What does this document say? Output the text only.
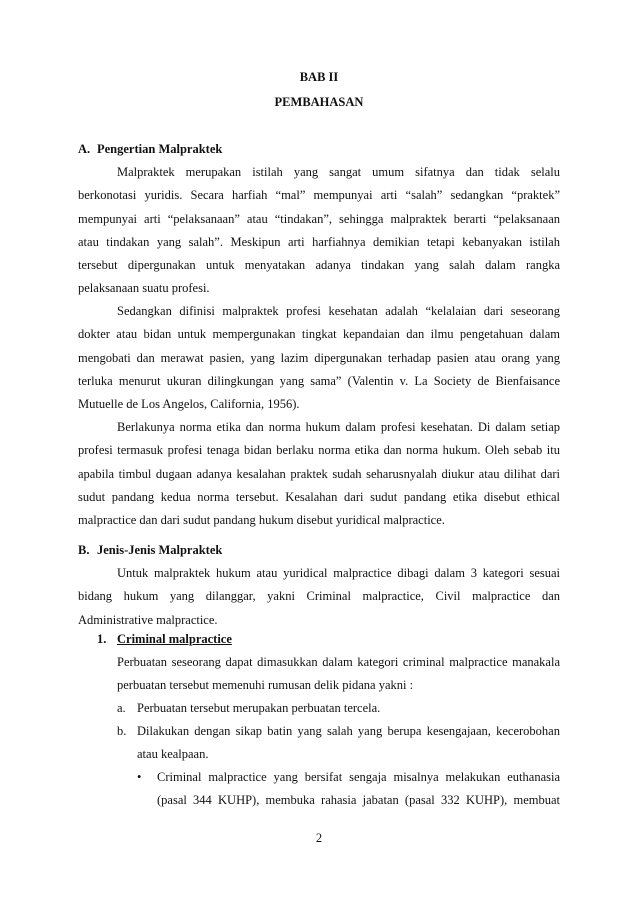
BAB II
PEMBAHASAN
A. Pengertian Malpraktek
Malpraktek merupakan istilah yang sangat umum sifatnya dan tidak selalu
berkonotasi yuridis. Secara harfiah “mal” mempunyai arti “salah” sedangkan “praktek”
mempunyai arti “pelaksanaan” atau “tindakan”, sehingga malpraktek berarti “pelaksanaan
atau tindakan yang salah”. Meskipun arti harfiahnya demikian tetapi kebanyakan istilah
tersebut dipergunakan untuk menyatakan adanya tindakan yang salah dalam rangka
pelaksanaan suatu profesi.
Sedangkan difinisi malpraktek profesi kesehatan adalah “kelalaian dari seseorang
dokter atau bidan untuk mempergunakan tingkat kepandaian dan ilmu pengetahuan dalam
mengobati dan merawat pasien, yang lazim dipergunakan terhadap pasien atau orang yang
terluka menurut ukuran dilingkungan yang sama” (Valentin v. La Society de Bienfaisance
Mutuelle de Los Angelos, California, 1956).
Berlakunya norma etika dan norma hukum dalam profesi kesehatan. Di dalam setiap
profesi termasuk profesi tenaga bidan berlaku norma etika dan norma hukum. Oleh sebab itu
apabila timbul dugaan adanya kesalahan praktek sudah seharusnyalah diukur atau dilihat dari
sudut pandang kedua norma tersebut. Kesalahan dari sudut pandang etika disebut ethical
malpractice dan dari sudut pandang hukum disebut yuridical malpractice.
B. Jenis-Jenis Malpraktek
Untuk malpraktek hukum atau yuridical malpractice dibagi dalam 3 kategori sesuai
bidang hukum yang dilanggar, yakni Criminal malpractice, Civil malpractice dan
Administrative malpractice.
1. Criminal malpractice
Perbuatan seseorang dapat dimasukkan dalam kategori criminal malpractice manakala
perbuatan tersebut memenuhi rumusan delik pidana yakni :
a. Perbuatan tersebut merupakan perbuatan tercela.
b. Dilakukan dengan sikap batin yang salah yang berupa kesengajaan, kecerobohan
atau kealpaan.
•	Criminal malpractice yang bersifat sengaja misalnya melakukan euthanasia
(pasal 344 KUHP), membuka rahasia jabatan (pasal 332 KUHP), membuat
2
